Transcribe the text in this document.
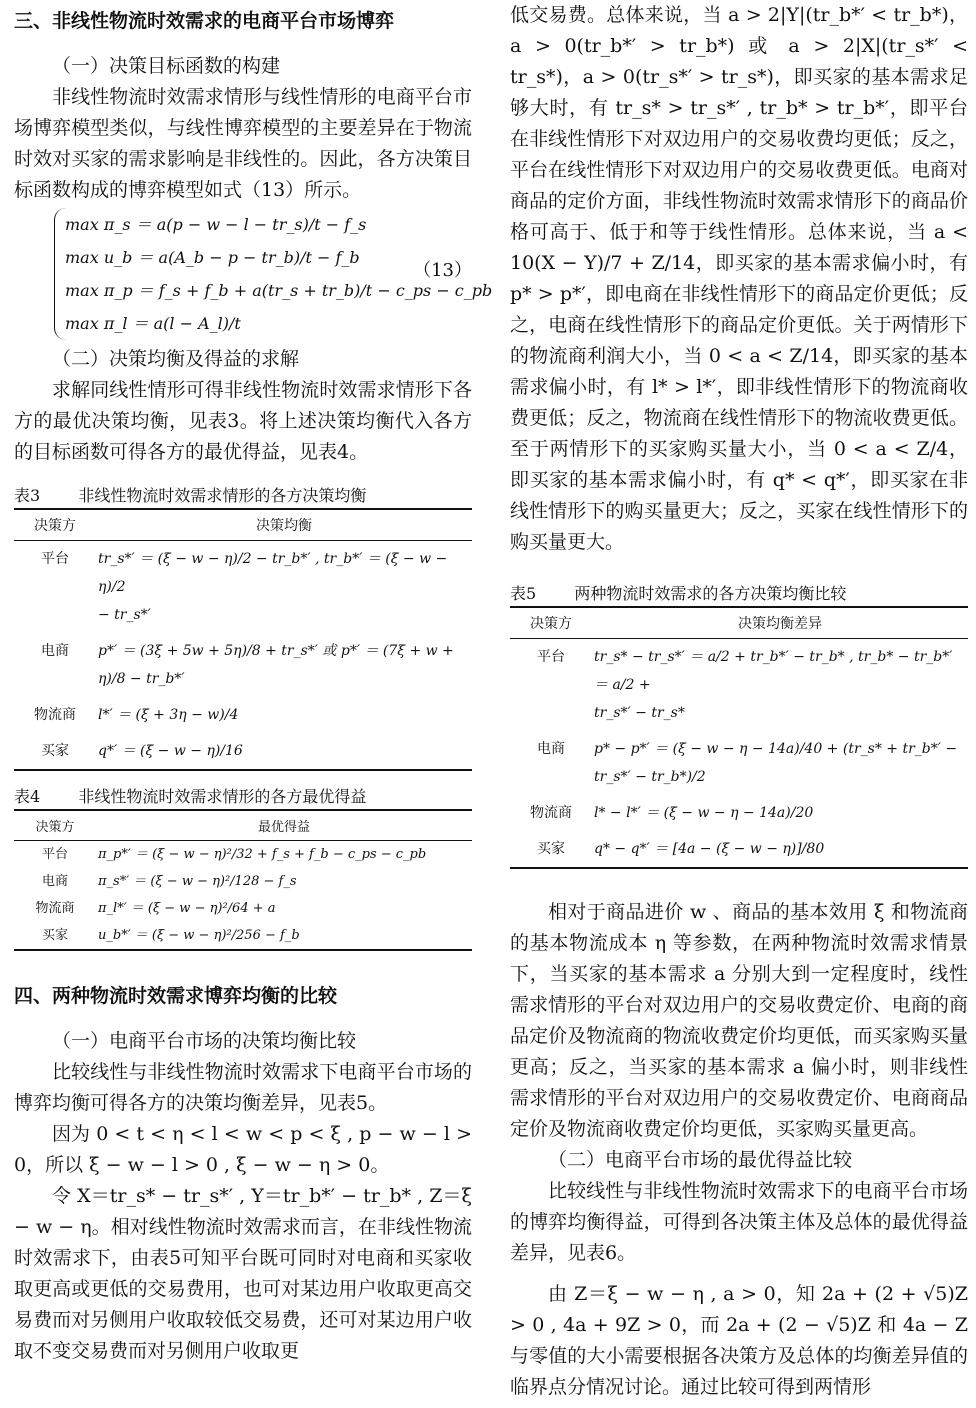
三、非线性物流时效需求的电商平台市场博弈

（一）决策目标函数的构建

非线性物流时效需求情形与线性情形的电商平台市场博弈模型类似，与线性博弈模型的主要差异在于物流时效对买家的需求影响是非线性的。因此，各方决策目标函数构成的博弈模型如式（13）所示。

max π_s ＝ a(p − w − l − tr_s)/t − f_s
max u_b ＝ a(A_b − p − tr_b)/t − f_b
max π_p ＝ f_s + f_b + a(tr_s + tr_b)/t − c_ps − c_pb
max π_l ＝ a(l − A_l)/t
（13）

（二）决策均衡及得益的求解

求解同线性情形可得非线性物流时效需求情形下各方的最优决策均衡，见表3。将上述决策均衡代入各方的目标函数可得各方的最优得益，见表4。

表3 非线性物流时效需求情形的各方决策均衡

决策方	决策均衡
平台	tr_s*′ ＝ (ξ − w − η)/2 − tr_b*′ , tr_b*′ ＝ (ξ − w − η)/2
− tr_s*′
电商	p*′ ＝ (3ξ + 5w + 5η)/8 + tr_s*′ 或 p*′ ＝ (7ξ + w +
η)/8 − tr_b*′
物流商	l*′ ＝ (ξ + 3η − w)/4
买家	q*′ ＝ (ξ − w − η)/16

表4 非线性物流时效需求情形的各方最优得益

决策方	最优得益
平台	π_p*′ ＝ (ξ − w − η)²/32 + f_s + f_b − c_ps − c_pb
电商	π_s*′ ＝ (ξ − w − η)²/128 − f_s
物流商	π_l*′ ＝ (ξ − w − η)²/64 + a
买家	u_b*′ ＝ (ξ − w − η)²/256 − f_b

四、两种物流时效需求博弈均衡的比较

（一）电商平台市场的决策均衡比较

比较线性与非线性物流时效需求下电商平台市场的博弈均衡可得各方的决策均衡差异，见表5。

因为 0 < t < η < l < w < p < ξ , p − w − l > 0，所以 ξ − w − l > 0 , ξ − w − η > 0。

令 X＝tr_s* − tr_s*′ , Y＝tr_b*′ − tr_b* , Z＝ξ − w − η。相对线性物流时效需求而言，在非线性物流时效需求下，由表5可知平台既可同时对电商和买家收取更高或更低的交易费用，也可对某边用户收取更高交易费而对另侧用户收取较低交易费，还可对某边用户收取不变交易费而对另侧用户收取更

低交易费。总体来说，当 a > 2|Y|(tr_b*′ < tr_b*)，a > 0(tr_b*′ > tr_b*) 或 a > 2|X|(tr_s*′ < tr_s*)，a > 0(tr_s*′ > tr_s*)，即买家的基本需求足够大时，有 tr_s* > tr_s*′ , tr_b* > tr_b*′，即平台在非线性情形下对双边用户的交易收费均更低；反之，平台在线性情形下对双边用户的交易收费更低。电商对商品的定价方面，非线性物流时效需求情形下的商品价格可高于、低于和等于线性情形。总体来说，当 a < 10(X − Y)/7 + Z/14，即买家的基本需求偏小时，有 p* > p*′，即电商在非线性情形下的商品定价更低；反之，电商在线性情形下的商品定价更低。关于两情形下的物流商利润大小，当 0 < a < Z/14，即买家的基本需求偏小时，有 l* > l*′，即非线性情形下的物流商收费更低；反之，物流商在线性情形下的物流收费更低。至于两情形下的买家购买量大小，当 0 < a < Z/4，即买家的基本需求偏小时，有 q* < q*′，即买家在非线性情形下的购买量更大；反之，买家在线性情形下的购买量更大。

表5 两种物流时效需求的各方决策均衡比较

决策方	决策均衡差异
平台	tr_s* − tr_s*′ ＝ a/2 + tr_b*′ − tr_b* , tr_b* − tr_b*′ ＝ a/2 +
tr_s*′ − tr_s*
电商	p* − p*′ ＝ (ξ − w − η − 14a)/40 + (tr_s* + tr_b*′ −
tr_s*′ − tr_b*)/2
物流商	l* − l*′ ＝ (ξ − w − η − 14a)/20
买家	q* − q*′ ＝ [4a − (ξ − w − η)]/80

相对于商品进价 w 、商品的基本效用 ξ 和物流商的基本物流成本 η 等参数，在两种物流时效需求情景下，当买家的基本需求 a 分别大到一定程度时，线性需求情形的平台对双边用户的交易收费定价、电商的商品定价及物流商的物流收费定价均更低，而买家购买量更高；反之，当买家的基本需求 a 偏小时，则非线性需求情形的平台对双边用户的交易收费定价、电商商品定价及物流商收费定价均更低，买家购买量更高。

（二）电商平台市场的最优得益比较

比较线性与非线性物流时效需求下的电商平台市场的博弈均衡得益，可得到各决策主体及总体的最优得益差异，见表6。

由 Z＝ξ − w − η , a > 0，知 2a + (2 + √5)Z > 0 , 4a + 9Z > 0，而 2a + (2 − √5)Z 和 4a − Z 与零值的大小需要根据各决策方及总体的均衡差异值的临界点分情况讨论。通过比较可得到两情形
